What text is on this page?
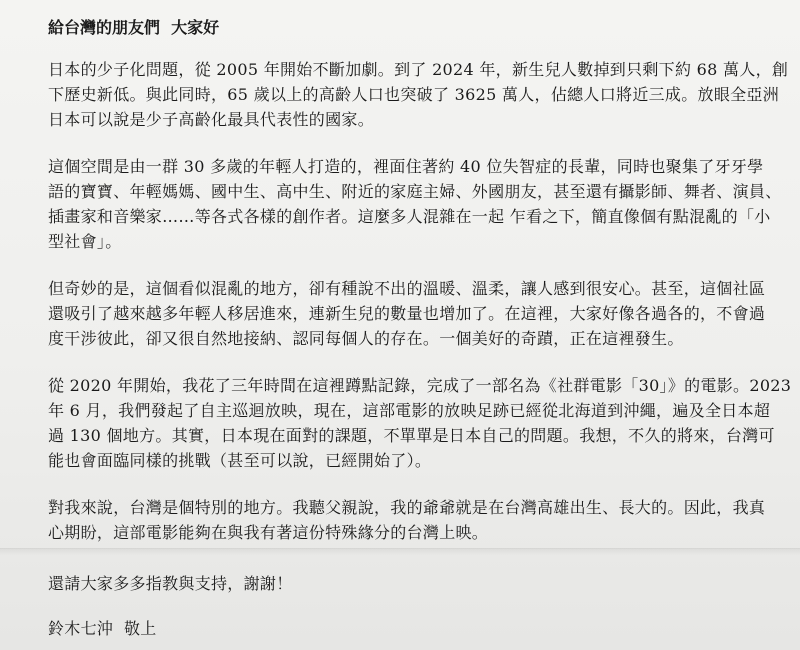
給台灣的朋友們  大家好
日本的少子化問題，從 2005 年開始不斷加劇。到了 2024 年，新生兒人數掉到只剩下約 68 萬人，創
下歷史新低。與此同時，65 歲以上的高齡人口也突破了 3625 萬人，佔總人口將近三成。放眼全亞洲
日本可以說是少子高齡化最具代表性的國家。
這個空間是由一群 30 多歲的年輕人打造的，裡面住著約 40 位失智症的長輩，同時也聚集了牙牙學
語的寶寶、年輕媽媽、國中生、高中生、附近的家庭主婦、外國朋友，甚至還有攝影師、舞者、演員、
插畫家和音樂家……等各式各樣的創作者。這麼多人混雜在一起 乍看之下，簡直像個有點混亂的「小
型社會」。
但奇妙的是，這個看似混亂的地方，卻有種說不出的溫暖、溫柔，讓人感到很安心。甚至，這個社區
還吸引了越來越多年輕人移居進來，連新生兒的數量也增加了。在這裡，大家好像各過各的，不會過
度干涉彼此，卻又很自然地接納、認同每個人的存在。一個美好的奇蹟，正在這裡發生。
從 2020 年開始，我花了三年時間在這裡蹲點記錄，完成了一部名為《社群電影「30」》的電影。2023
年 6 月，我們發起了自主巡迴放映，現在，這部電影的放映足跡已經從北海道到沖繩，遍及全日本超
過 130 個地方。其實，日本現在面對的課題，不單單是日本自己的問題。我想，不久的將來，台灣可
能也會面臨同樣的挑戰（甚至可以說，已經開始了）。
對我來說，台灣是個特別的地方。我聽父親說，我的爺爺就是在台灣高雄出生、長大的。因此，我真
心期盼，這部電影能夠在與我有著這份特殊緣分的台灣上映。
還請大家多多指教與支持，謝謝！
鈴木七沖  敬上
